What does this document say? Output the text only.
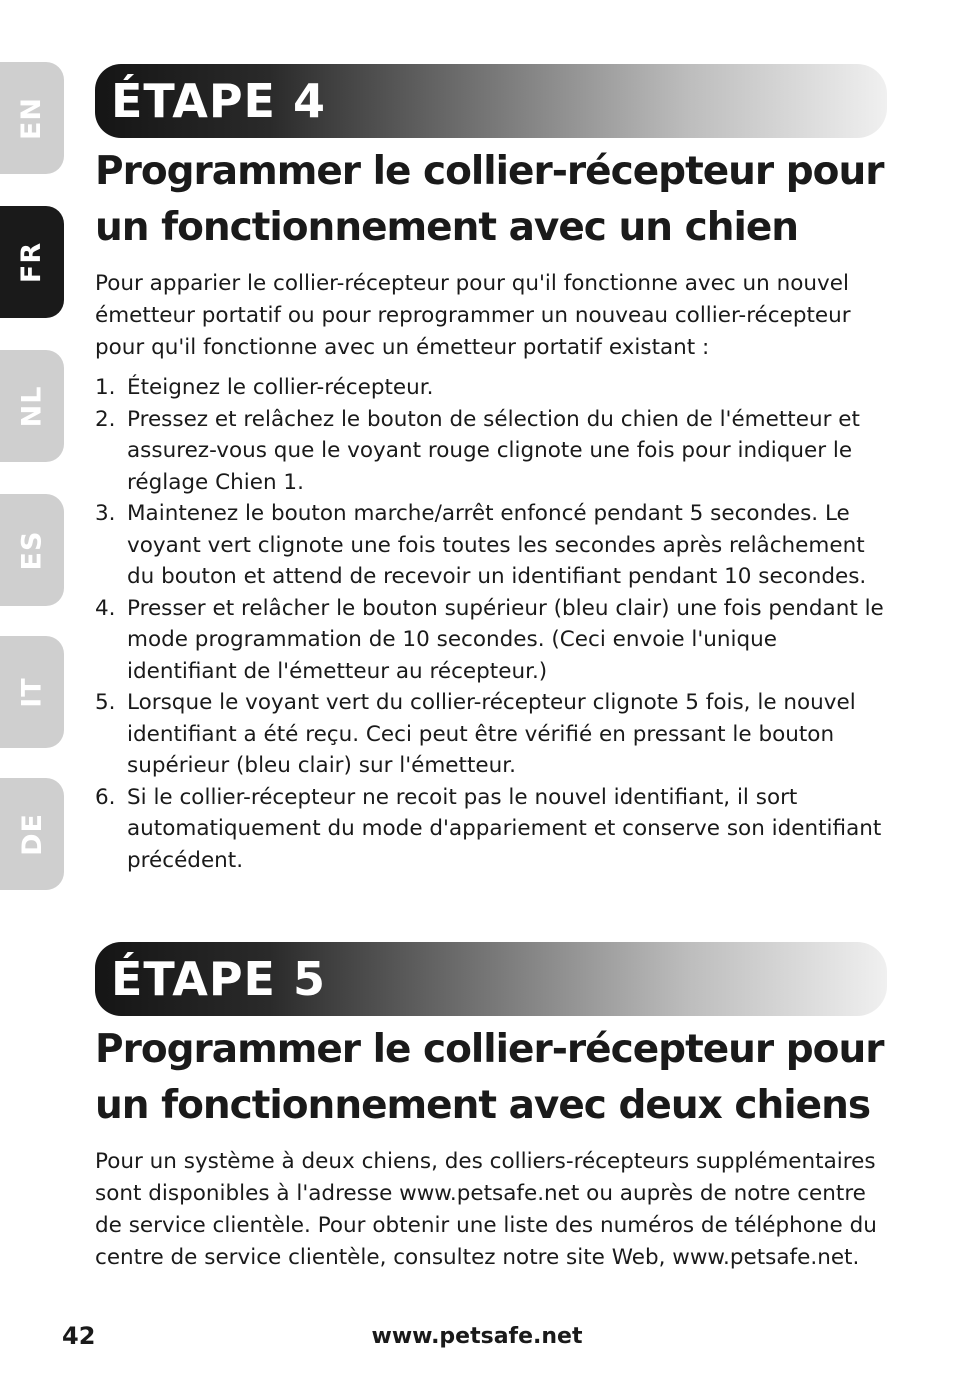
EN
FR
NL
ES
IT
DE
ÉTAPE 4
Programmer le collier-récepteur pour un fonctionnement avec un chien

Pour apparier le collier-récepteur pour qu'il fonctionne avec un nouvel émetteur portatif ou pour reprogrammer un nouveau collier-récepteur pour qu'il fonctionne avec un émetteur portatif existant :

1. Éteignez le collier-récepteur.
2. Pressez et relâchez le bouton de sélection du chien de l'émetteur et assurez-vous que le voyant rouge clignote une fois pour indiquer le réglage Chien 1.
3. Maintenez le bouton marche/arrêt enfoncé pendant 5 secondes. Le voyant vert clignote une fois toutes les secondes après relâchement du bouton et attend de recevoir un identifiant pendant 10 secondes.
4. Presser et relâcher le bouton supérieur (bleu clair) une fois pendant le mode programmation de 10 secondes. (Ceci envoie l'unique identifiant de l'émetteur au récepteur.)
5. Lorsque le voyant vert du collier-récepteur clignote 5 fois, le nouvel identifiant a été reçu. Ceci peut être vérifié en pressant le bouton supérieur (bleu clair) sur l'émetteur.
6. Si le collier-récepteur ne recoit pas le nouvel identifiant, il sort automatiquement du mode d'appariement et conserve son identifiant précédent.
ÉTAPE 5
Programmer le collier-récepteur pour un fonctionnement avec deux chiens

Pour un système à deux chiens, des colliers-récepteurs supplémentaires sont disponibles à l'adresse www.petsafe.net ou auprès de notre centre de service clientèle. Pour obtenir une liste des numéros de téléphone du centre de service clientèle, consultez notre site Web, www.petsafe.net.

42	www.petsafe.net
